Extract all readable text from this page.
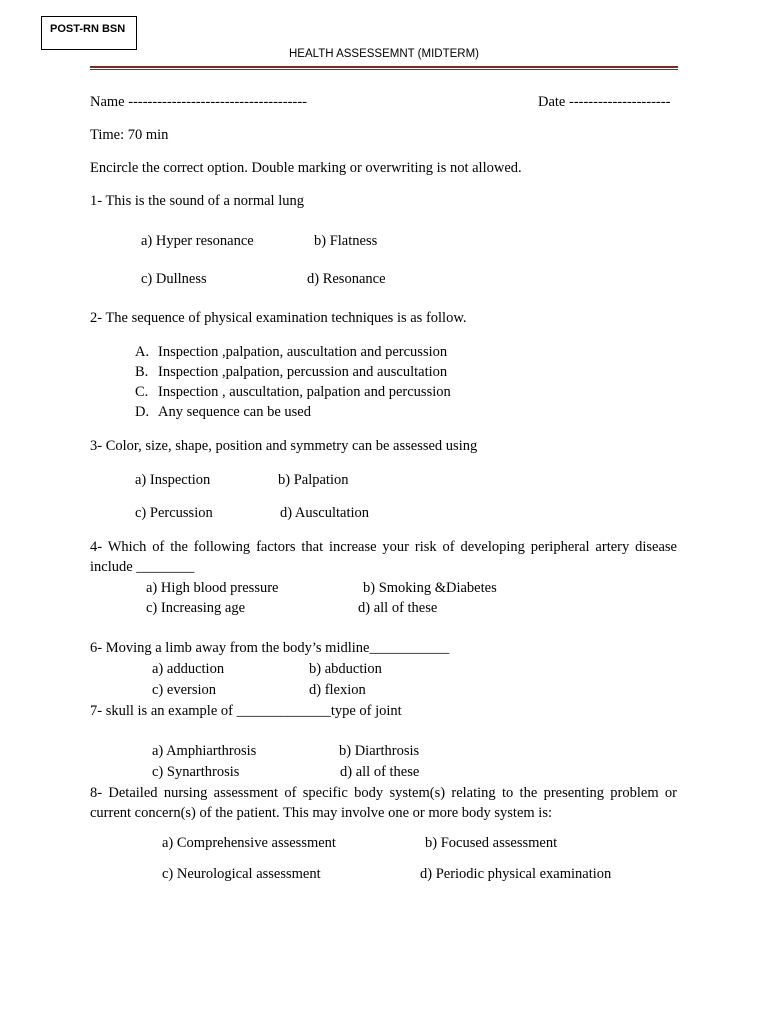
POST-RN BSN
HEALTH ASSESSEMNT (MIDTERM)
Name -------------------------------------	Date ---------------------
Time: 70 min
Encircle the correct option. Double marking or overwriting is not allowed.
1- This is the sound of a normal lung
a) Hyper resonance	b) Flatness
c) Dullness	d) Resonance
2- The sequence of physical examination techniques is as follow.
A. Inspection ,palpation, auscultation and percussion
B. Inspection ,palpation, percussion and auscultation
C. Inspection , auscultation, palpation and percussion
D. Any sequence can be used
3- Color, size, shape, position and symmetry can be assessed using
a) Inspection	b) Palpation
c) Percussion	d) Auscultation
4- Which of the following factors that increase your risk of developing peripheral artery disease include ________
a) High blood pressure	b) Smoking &Diabetes
c) Increasing age	d) all of these
6- Moving a limb away from the body’s midline___________
a) adduction	b) abduction
c) eversion	d) flexion
7- skull is an example of _____________type of joint
a) Amphiarthrosis	b) Diarthrosis
c) Synarthrosis	d) all of these
8- Detailed nursing assessment of specific body system(s) relating to the presenting problem or current concern(s) of the patient. This may involve one or more body system is:
a) Comprehensive assessment	b) Focused assessment
c) Neurological assessment	d) Periodic physical examination
